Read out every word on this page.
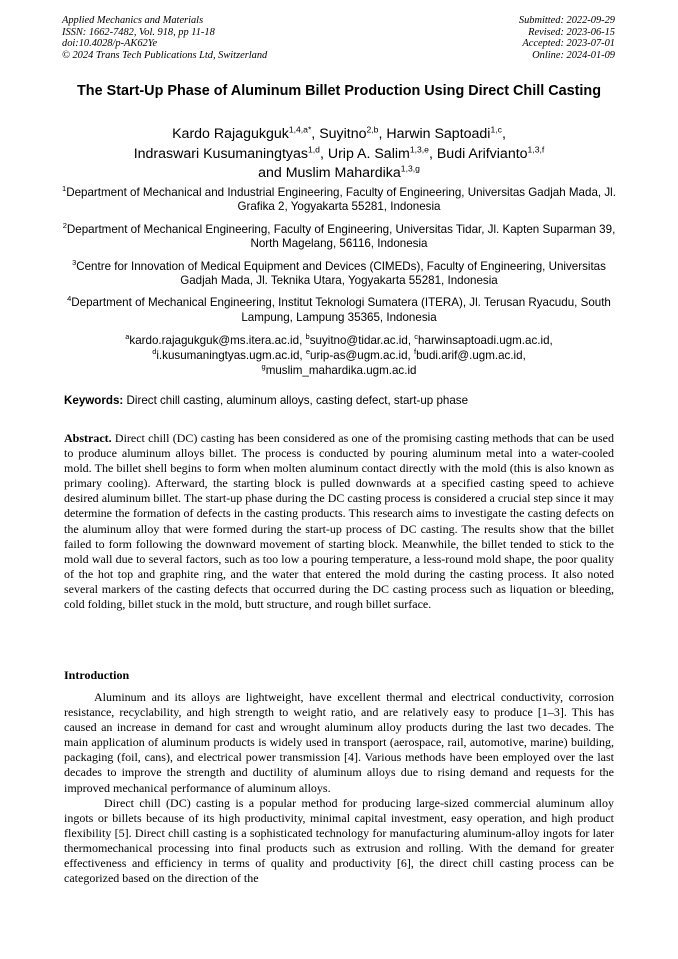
Applied Mechanics and Materials
ISSN: 1662-7482, Vol. 918, pp 11-18
doi:10.4028/p-AK62Ye
© 2024 Trans Tech Publications Ltd, Switzerland
Submitted: 2022-09-29
Revised: 2023-06-15
Accepted: 2023-07-01
Online: 2024-01-09
The Start-Up Phase of Aluminum Billet Production Using Direct Chill Casting
Kardo Rajagukguk$^{1,4,a*}$, Suyitno$^{2,b}$, Harwin Saptoadi$^{1,c}$,
Indraswari Kusumaningtyas$^{1,d}$, Urip A. Salim$^{1,3,e}$, Budi Arifvianto$^{1,3,f}$
and Muslim Mahardika$^{1,3,g}$
$^1$Department of Mechanical and Industrial Engineering, Faculty of Engineering, Universitas Gadjah Mada, Jl. Grafika 2, Yogyakarta 55281, Indonesia
$^2$Department of Mechanical Engineering, Faculty of Engineering, Universitas Tidar, Jl. Kapten Suparman 39, North Magelang, 56116, Indonesia
$^3$Centre for Innovation of Medical Equipment and Devices (CIMEDs), Faculty of Engineering, Universitas Gadjah Mada, Jl. Teknika Utara, Yogyakarta 55281, Indonesia
$^4$Department of Mechanical Engineering, Institut Teknologi Sumatera (ITERA), Jl. Terusan Ryacudu, South Lampung, Lampung 35365, Indonesia
$^a$kardo.rajagukguk@ms.itera.ac.id, $^b$suyitno@tidar.ac.id, $^c$harwinsaptoadi.ugm.ac.id,
$^d$i.kusumaningtyas.ugm.ac.id, $^e$urip-as@ugm.ac.id, $^f$budi.arif@.ugm.ac.id,
$^g$muslim_mahardika.ugm.ac.id
Keywords: Direct chill casting, aluminum alloys, casting defect, start-up phase
Abstract. Direct chill (DC) casting has been considered as one of the promising casting methods that can be used to produce aluminum alloys billet. The process is conducted by pouring aluminum metal into a water-cooled mold. The billet shell begins to form when molten aluminum contact directly with the mold (this is also known as primary cooling). Afterward, the starting block is pulled downwards at a specified casting speed to achieve desired aluminum billet. The start-up phase during the DC casting process is considered a crucial step since it may determine the formation of defects in the casting products. This research aims to investigate the casting defects on the aluminum alloy that were formed during the start-up process of DC casting. The results show that the billet failed to form following the downward movement of starting block. Meanwhile, the billet tended to stick to the mold wall due to several factors, such as too low a pouring temperature, a less-round mold shape, the poor quality of the hot top and graphite ring, and the water that entered the mold during the casting process. It also noted several markers of the casting defects that occurred during the DC casting process such as liquation or bleeding, cold folding, billet stuck in the mold, butt structure, and rough billet surface.
Introduction

Aluminum and its alloys are lightweight, have excellent thermal and electrical conductivity, corrosion resistance, recyclability, and high strength to weight ratio, and are relatively easy to produce [1–3]. This has caused an increase in demand for cast and wrought aluminum alloy products during the last two decades. The main application of aluminum products is widely used in transport (aerospace, rail, automotive, marine) building, packaging (foil, cans), and electrical power transmission [4]. Various methods have been employed over the last decades to improve the strength and ductility of aluminum alloys due to rising demand and requests for the improved mechanical performance of aluminum alloys.

Direct chill (DC) casting is a popular method for producing large-sized commercial aluminum alloy ingots or billets because of its high productivity, minimal capital investment, easy operation, and high product flexibility [5]. Direct chill casting is a sophisticated technology for manufacturing aluminum-alloy ingots for later thermomechanical processing into final products such as extrusion and rolling. With the demand for greater effectiveness and efficiency in terms of quality and productivity [6], the direct chill casting process can be categorized based on the direction of the
